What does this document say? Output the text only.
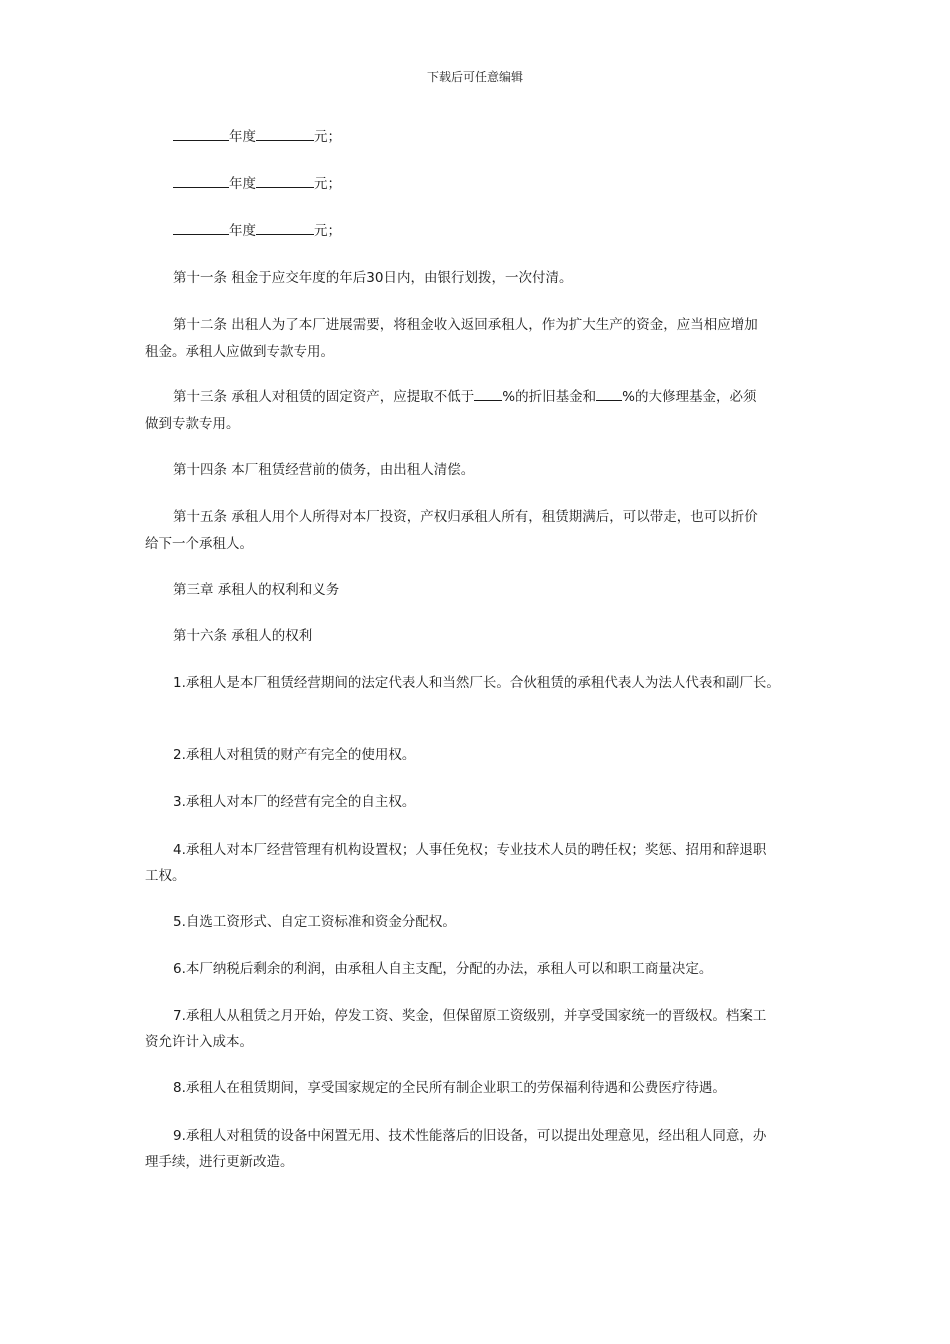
下载后可任意编辑
年度	元；
年度	元；
年度	元；
第十一条 租金于应交年度的年后30日内，由银行划拨，一次付清。
第十二条 出租人为了本厂进展需要，将租金收入返回承租人，作为扩大生产的资金，应当相应增加
租金。承租人应做到专款专用。
第十三条 承租人对租赁的固定资产，应提取不低于 %的折旧基金和 %的大修理基金，必须
做到专款专用。
第十四条 本厂租赁经营前的债务，由出租人清偿。
第十五条 承租人用个人所得对本厂投资，产权归承租人所有，租赁期满后，可以带走，也可以折价
给下一个承租人。
第三章 承租人的权利和义务
第十六条 承租人的权利
1.承租人是本厂租赁经营期间的法定代表人和当然厂长。合伙租赁的承租代表人为法人代表和副厂长。
2.承租人对租赁的财产有完全的使用权。
3.承租人对本厂的经营有完全的自主权。
4.承租人对本厂经营管理有机构设置权；人事任免权；专业技术人员的聘任权；奖惩、招用和辞退职
工权。
5.自选工资形式、自定工资标准和资金分配权。
6.本厂纳税后剩余的利润，由承租人自主支配，分配的办法，承租人可以和职工商量决定。
7.承租人从租赁之月开始，停发工资、奖金，但保留原工资级别，并享受国家统一的晋级权。档案工
资允许计入成本。
8.承租人在租赁期间，享受国家规定的全民所有制企业职工的劳保福利待遇和公费医疗待遇。
9.承租人对租赁的设备中闲置无用、技术性能落后的旧设备，可以提出处理意见，经出租人同意，办
理手续，进行更新改造。
